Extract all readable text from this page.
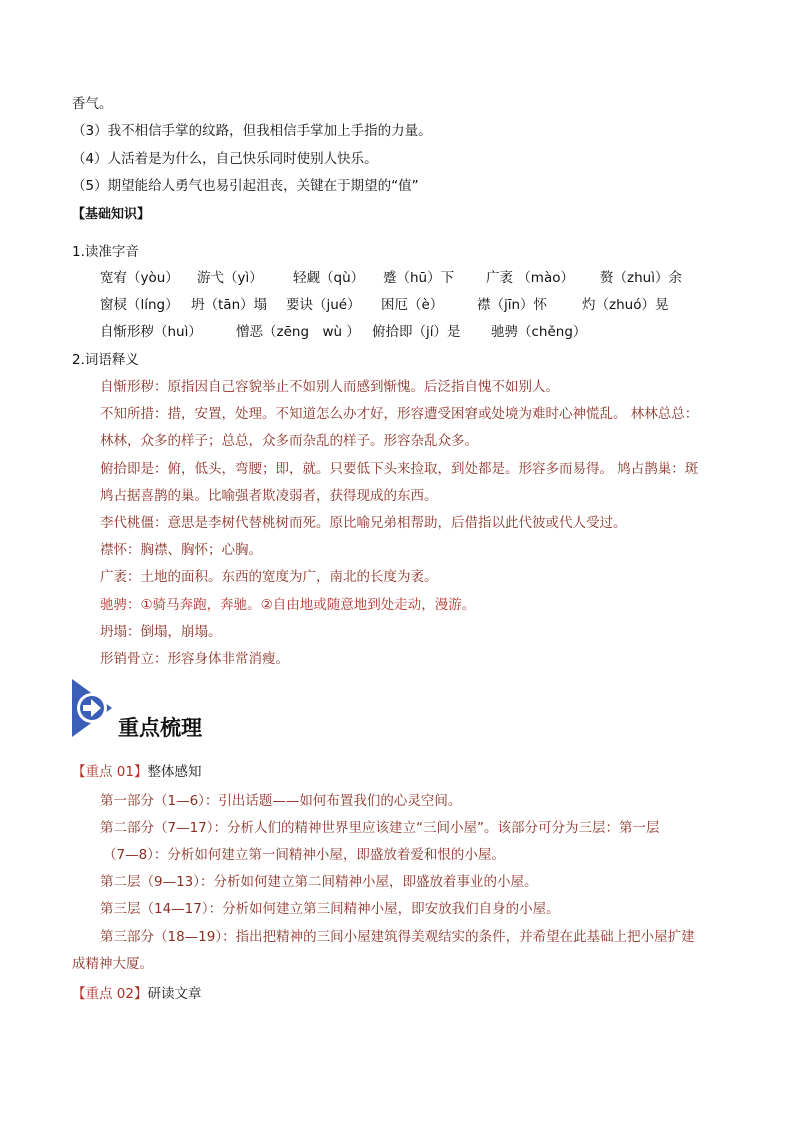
香气。
（3）我不相信手掌的纹路，但我相信手掌加上手指的力量。
（4）人活着是为什么，自己快乐同时使别人快乐。
（5）期望能给人勇气也易引起沮丧，关键在于期望的“值”
【基础知识】
1.读准字音
宽宥（yòu） 游弋（yì） 轻觑（qù） 蹙（hū）下 广袤 （mào） 赘（zhuì）余
窗棂（líng） 坍（tān）塌 要诀（jué） 困厄（è） 襟（jīn）怀	灼（zhuó）晃
自惭形秽（huì）	憎恶（zēng　wù ） 俯拾即（jí）是 驰骋（chěng）
2.词语释义
自惭形秽：原指因自己容貌举止不如别人而感到惭愧。后泛指自愧不如别人。
不知所措：措，安置，处理。不知道怎么办才好，形容遭受困窘或处境为难时心神慌乱。 林林总总：
林林，众多的样子；总总，众多而杂乱的样子。形容杂乱众多。
俯拾即是：俯，低头，弯腰；即，就。只要低下头来捡取，到处都是。形容多而易得。 鸠占鹊巢：斑
鸠占据喜鹊的巢。比喻强者欺凌弱者，获得现成的东西。
李代桃僵：意思是李树代替桃树而死。原比喻兄弟相帮助，后借指以此代彼或代人受过。
襟怀：胸襟、胸怀；心胸。
广袤：土地的面积。东西的宽度为广，南北的长度为袤。
驰骋：①骑马奔跑，奔驰。②自由地或随意地到处走动，漫游。
坍塌：倒塌，崩塌。
形销骨立：形容身体非常消瘦。
重点梳理
【重点 01】整体感知
第一部分（1—6）：引出话题——如何布置我们的心灵空间。
第二部分（7—17）：分析人们的精神世界里应该建立“三间小屋”。该部分可分为三层：第一层
（7—8）：分析如何建立第一间精神小屋，即盛放着爱和恨的小屋。
第二层（9—13）：分析如何建立第二间精神小屋，即盛放着事业的小屋。
第三层（14—17）：分析如何建立第三间精神小屋，即安放我们自身的小屋。
第三部分（18—19）：指出把精神的三间小屋建筑得美观结实的条件，并希望在此基础上把小屋扩建
成精神大厦。
【重点 02】研读文章
